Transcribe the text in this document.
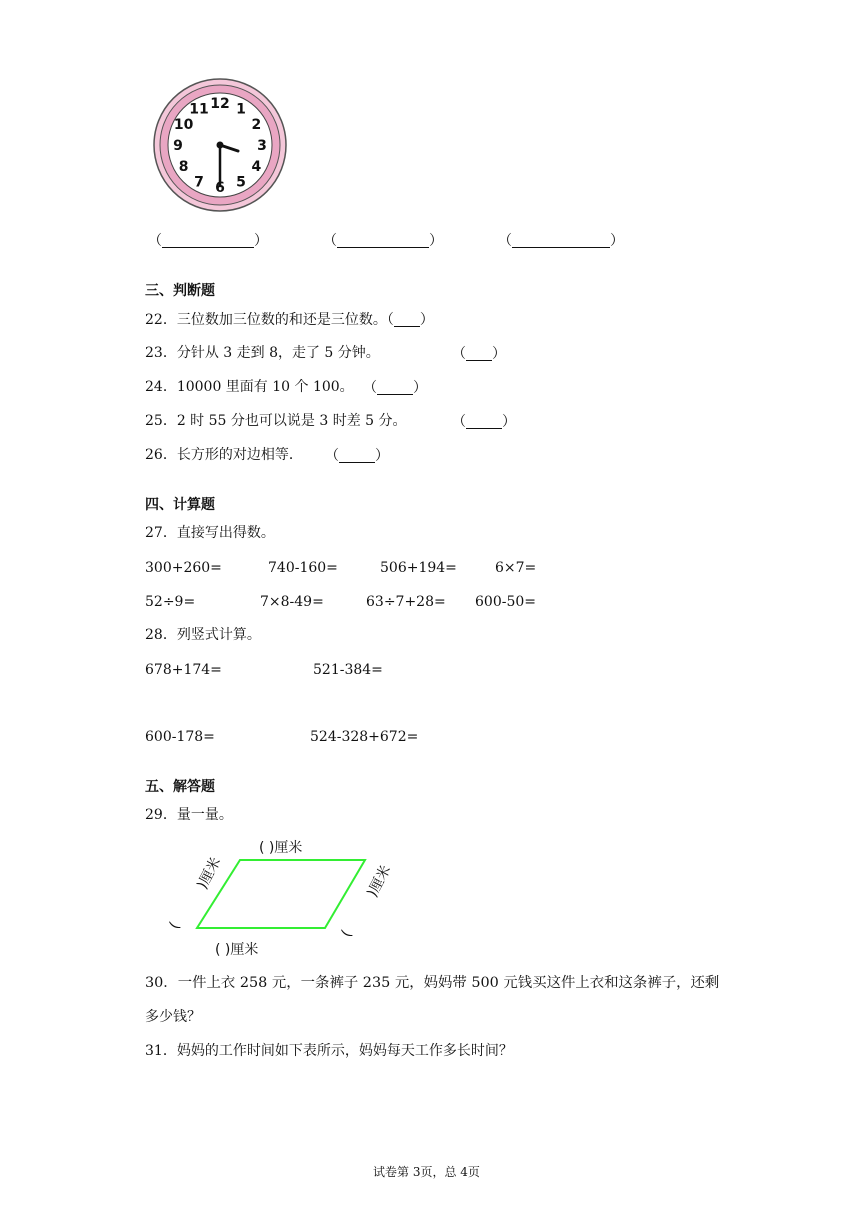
12 1
2
3
4
5
6
7
8
9
10
11
（	）	（	）	（	）
三、判断题
22．三位数加三位数的和还是三位数。（ ）
23．分针从 3 走到 8，走了 5 分钟。	（ ）
24．10000 里面有 10 个 100。 （	）
25．2 时 55 分也可以说是 3 时差 5 分。	（	）
26．长方形的对边相等． （	）
四、计算题
27．直接写出得数。
300+260=	740-160=	506+194=	6×7=
52÷9=	7×8-49=	63÷7+28= 600-50=
28．列竖式计算。
678+174=	521-384=
600-178=	524-328+672=
五、解答题
29．量一量。
( )厘米
( )厘米
)厘米	)厘米
(
(
30．一件上衣 258 元，一条裤子 235 元，妈妈带 500 元钱买这件上衣和这条裤子，还剩
多少钱？
31．妈妈的工作时间如下表所示，妈妈每天工作多长时间？
试卷第 3页，总 4页
